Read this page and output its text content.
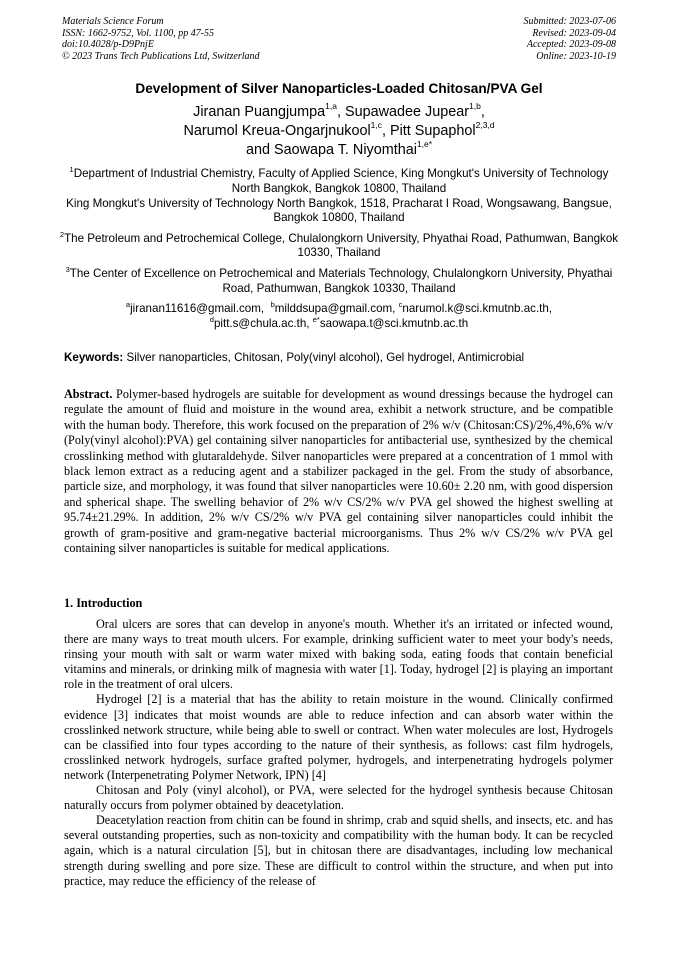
Materials Science Forum
ISSN: 1662-9752, Vol. 1100, pp 47-55
doi:10.4028/p-D9PnjE
© 2023 Trans Tech Publications Ltd, Switzerland
Submitted: 2023-07-06
Revised: 2023-09-04
Accepted: 2023-09-08
Online: 2023-10-19
Development of Silver Nanoparticles-Loaded Chitosan/PVA Gel
Jiranan Puangjumpa$^{1,a}$, Supawadee Jupear$^{1,b}$,
Narumol Kreua-Ongarjnukool$^{1,c}$, Pitt Supaphol$^{2,3,d}$
and Saowapa T. Niyomthai$^{1,e*}$

$^1$Department of Industrial Chemistry, Faculty of Applied Science, King Mongkut's University of Technology North Bangkok, Bangkok 10800, Thailand
King Mongkut's University of Technology North Bangkok, 1518, Pracharat I Road, Wongsawang, Bangsue, Bangkok 10800, Thailand

$^2$The Petroleum and Petrochemical College, Chulalongkorn University, Phyathai Road, Pathumwan, Bangkok 10330, Thailand

$^3$The Center of Excellence on Petrochemical and Materials Technology, Chulalongkorn University, Phyathai Road, Pathumwan, Bangkok 10330, Thailand

$^a$jiranan11616@gmail.com, $^b$milddsupa@gmail.com, $^c$narumol.k@sci.kmutnb.ac.th,

$^d$pitt.s@chula.ac.th, $^{e*}$saowapa.t@sci.kmutnb.ac.th

Keywords: Silver nanoparticles, Chitosan, Poly(vinyl alcohol), Gel hydrogel, Antimicrobial
Abstract. Polymer-based hydrogels are suitable for development as wound dressings because the hydrogel can regulate the amount of fluid and moisture in the wound area, exhibit a network structure, and be compatible with the human body. Therefore, this work focused on the preparation of 2% w/v (Chitosan:CS)/2%,4%,6% w/v (Poly(vinyl alcohol):PVA) gel containing silver nanoparticles for antibacterial use, synthesized by the chemical crosslinking method with glutaraldehyde. Silver nanoparticles were prepared at a concentration of 1 mmol with black lemon extract as a reducing agent and a stabilizer packaged in the gel. From the study of absorbance, particle size, and morphology, it was found that silver nanoparticles were 10.60± 2.20 nm, with good dispersion and spherical shape. The swelling behavior of 2% w/v CS/2% w/v PVA gel showed the highest swelling at 95.74±21.29%. In addition, 2% w/v CS/2% w/v PVA gel containing silver nanoparticles could inhibit the growth of gram-positive and gram-negative bacterial microorganisms. Thus 2% w/v CS/2% w/v PVA gel containing silver nanoparticles is suitable for medical applications.
1. Introduction

Oral ulcers are sores that can develop in anyone's mouth. Whether it's an irritated or infected wound, there are many ways to treat mouth ulcers. For example, drinking sufficient water to meet your body's needs, rinsing your mouth with salt or warm water mixed with baking soda, eating foods that contain beneficial vitamins and minerals, or drinking milk of magnesia with water [1]. Today, hydrogel [2] is playing an important role in the treatment of oral ulcers.

Hydrogel [2] is a material that has the ability to retain moisture in the wound. Clinically confirmed evidence [3] indicates that moist wounds are able to reduce infection and can absorb water within the crosslinked network structure, while being able to swell or contract. When water molecules are lost, Hydrogels can be classified into four types according to the nature of their synthesis, as follows: cast film hydrogels, crosslinked network hydrogels, surface grafted polymer, hydrogels, and interpenetrating hydrogels polymer network (Interpenetrating Polymer Network, IPN) [4]

Chitosan and Poly (vinyl alcohol), or PVA, were selected for the hydrogel synthesis because Chitosan naturally occurs from polymer obtained by deacetylation.

Deacetylation reaction from chitin can be found in shrimp, crab and squid shells, and insects, etc. and has several outstanding properties, such as non-toxicity and compatibility with the human body. It can be recycled again, which is a natural circulation [5], but in chitosan there are disadvantages, including low mechanical strength during swelling and pore size. These are difficult to control within the structure, and when put into practice, may reduce the efficiency of the release of
